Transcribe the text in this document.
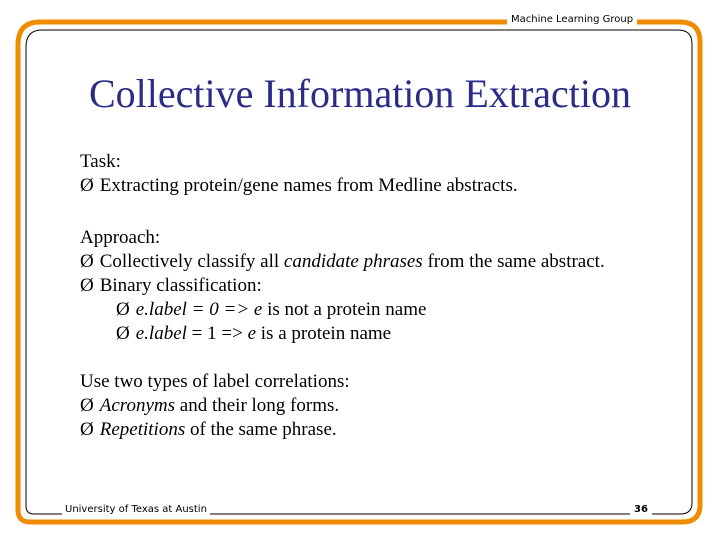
Machine Learning Group
Collective Information Extraction
Task:
Ø Extracting protein/gene names from Medline abstracts.
Approach:
Ø Collectively classify all candidate phrases from the same abstract.
Ø Binary classification:
Ø e.label = 0 => e is not a protein name
Ø e.label = 1 => e is a protein name
Use two types of label correlations:
Ø Acronyms and their long forms.
Ø Repetitions of the same phrase.
University of Texas at Austin	36
